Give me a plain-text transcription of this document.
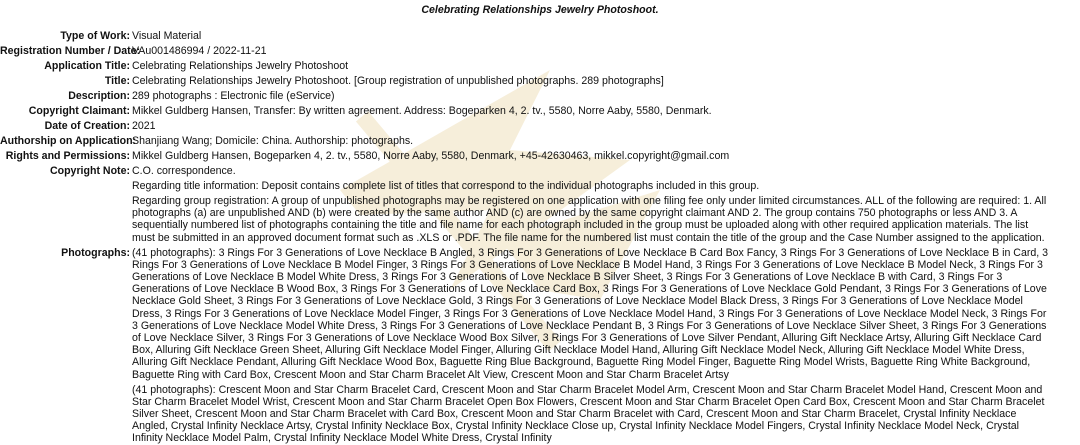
Celebrating Relationships Jewelry Photoshoot.
Type of Work: Visual Material
Registration Number / Date:
VAu001486994 / 2022-11-21
Application Title: Celebrating Relationships Jewelry Photoshoot
Title: Celebrating Relationships Jewelry Photoshoot. [Group registration of unpublished photographs. 289 photographs]
Description: 289 photographs : Electronic file (eService)
Copyright Claimant: Mikkel Guldberg Hansen, Transfer: By written agreement. Address: Bogeparken 4, 2. tv., 5580, Norre Aaby, 5580, Denmark.
Date of Creation: 2021
Authorship on Application:
Shanjiang Wang; Domicile: China. Authorship: photographs.
Rights and Permissions: Mikkel Guldberg Hansen, Bogeparken 4, 2. tv., 5580, Norre Aaby, 5580, Denmark, +45-42630463, mikkel.copyright@gmail.com
Copyright Note: C.O. correspondence.
Regarding title information: Deposit contains complete list of titles that correspond to the individual photographs included in this group.
Regarding group registration: A group of unpublished photographs may be registered on one application with one filing fee only under limited circumstances. ALL of the following are required: 1. All photographs (a) are unpublished AND (b) were created by the same author AND (c) are owned by the same copyright claimant AND 2. The group contains 750 photographs or less AND 3. A sequentially numbered list of photographs containing the title and file name for each photograph included in the group must be uploaded along with other required application materials. The list must be submitted in an approved document format such as .XLS or .PDF. The file name for the numbered list must contain the title of the group and the Case Number assigned to the application.
Photographs: (41 photographs): 3 Rings For 3 Generations of Love Necklace B Angled, 3 Rings For 3 Generations of Love Necklace B Card Box Fancy, 3 Rings For 3 Generations of Love Necklace B in Card, 3 Rings For 3 Generations of Love Necklace B Model Finger, 3 Rings For 3 Generations of Love Necklace B Model Hand, 3 Rings For 3 Generations of Love Necklace B Model Neck, 3 Rings For 3 Generations of Love Necklace B Model White Dress, 3 Rings For 3 Generations of Love Necklace B Silver Sheet, 3 Rings For 3 Generations of Love Necklace B with Card, 3 Rings For 3 Generations of Love Necklace B Wood Box, 3 Rings For 3 Generations of Love Necklace Card Box, 3 Rings For 3 Generations of Love Necklace Gold Pendant, 3 Rings For 3 Generations of Love Necklace Gold Sheet, 3 Rings For 3 Generations of Love Necklace Gold, 3 Rings For 3 Generations of Love Necklace Model Black Dress, 3 Rings For 3 Generations of Love Necklace Model Dress, 3 Rings For 3 Generations of Love Necklace Model Finger, 3 Rings For 3 Generations of Love Necklace Model Hand, 3 Rings For 3 Generations of Love Necklace Model Neck, 3 Rings For 3 Generations of Love Necklace Model White Dress, 3 Rings For 3 Generations of Love Necklace Pendant B, 3 Rings For 3 Generations of Love Necklace Silver Sheet, 3 Rings For 3 Generations of Love Necklace Silver, 3 Rings For 3 Generations of Love Necklace Wood Box Silver, 3 Rings For 3 Generations of Love Silver Pendant, Alluring Gift Necklace Artsy, Alluring Gift Necklace Card Box, Alluring Gift Necklace Green Sheet, Alluring Gift Necklace Model Finger, Alluring Gift Necklace Model Hand, Alluring Gift Necklace Model Neck, Alluring Gift Necklace Model White Dress, Alluring Gift Necklace Pendant, Alluring Gift Necklace Wood Box, Baguette Ring Blue Background, Baguette Ring Model Finger, Baguette Ring Model Wrists, Baguette Ring White Background, Baguette Ring with Card Box, Crescent Moon and Star Charm Bracelet Alt View, Crescent Moon and Star Charm Bracelet Artsy
(41 photographs): Crescent Moon and Star Charm Bracelet Card, Crescent Moon and Star Charm Bracelet Model Arm, Crescent Moon and Star Charm Bracelet Model Hand, Crescent Moon and Star Charm Bracelet Model Wrist, Crescent Moon and Star Charm Bracelet Open Box Flowers, Crescent Moon and Star Charm Bracelet Open Card Box, Crescent Moon and Star Charm Bracelet Silver Sheet, Crescent Moon and Star Charm Bracelet with Card Box, Crescent Moon and Star Charm Bracelet with Card, Crescent Moon and Star Charm Bracelet, Crystal Infinity Necklace Angled, Crystal Infinity Necklace Artsy, Crystal Infinity Necklace Box, Crystal Infinity Necklace Close up, Crystal Infinity Necklace Model Fingers, Crystal Infinity Necklace Model Neck, Crystal Infinity Necklace Model Palm, Crystal Infinity Necklace Model White Dress, Crystal Infinity
